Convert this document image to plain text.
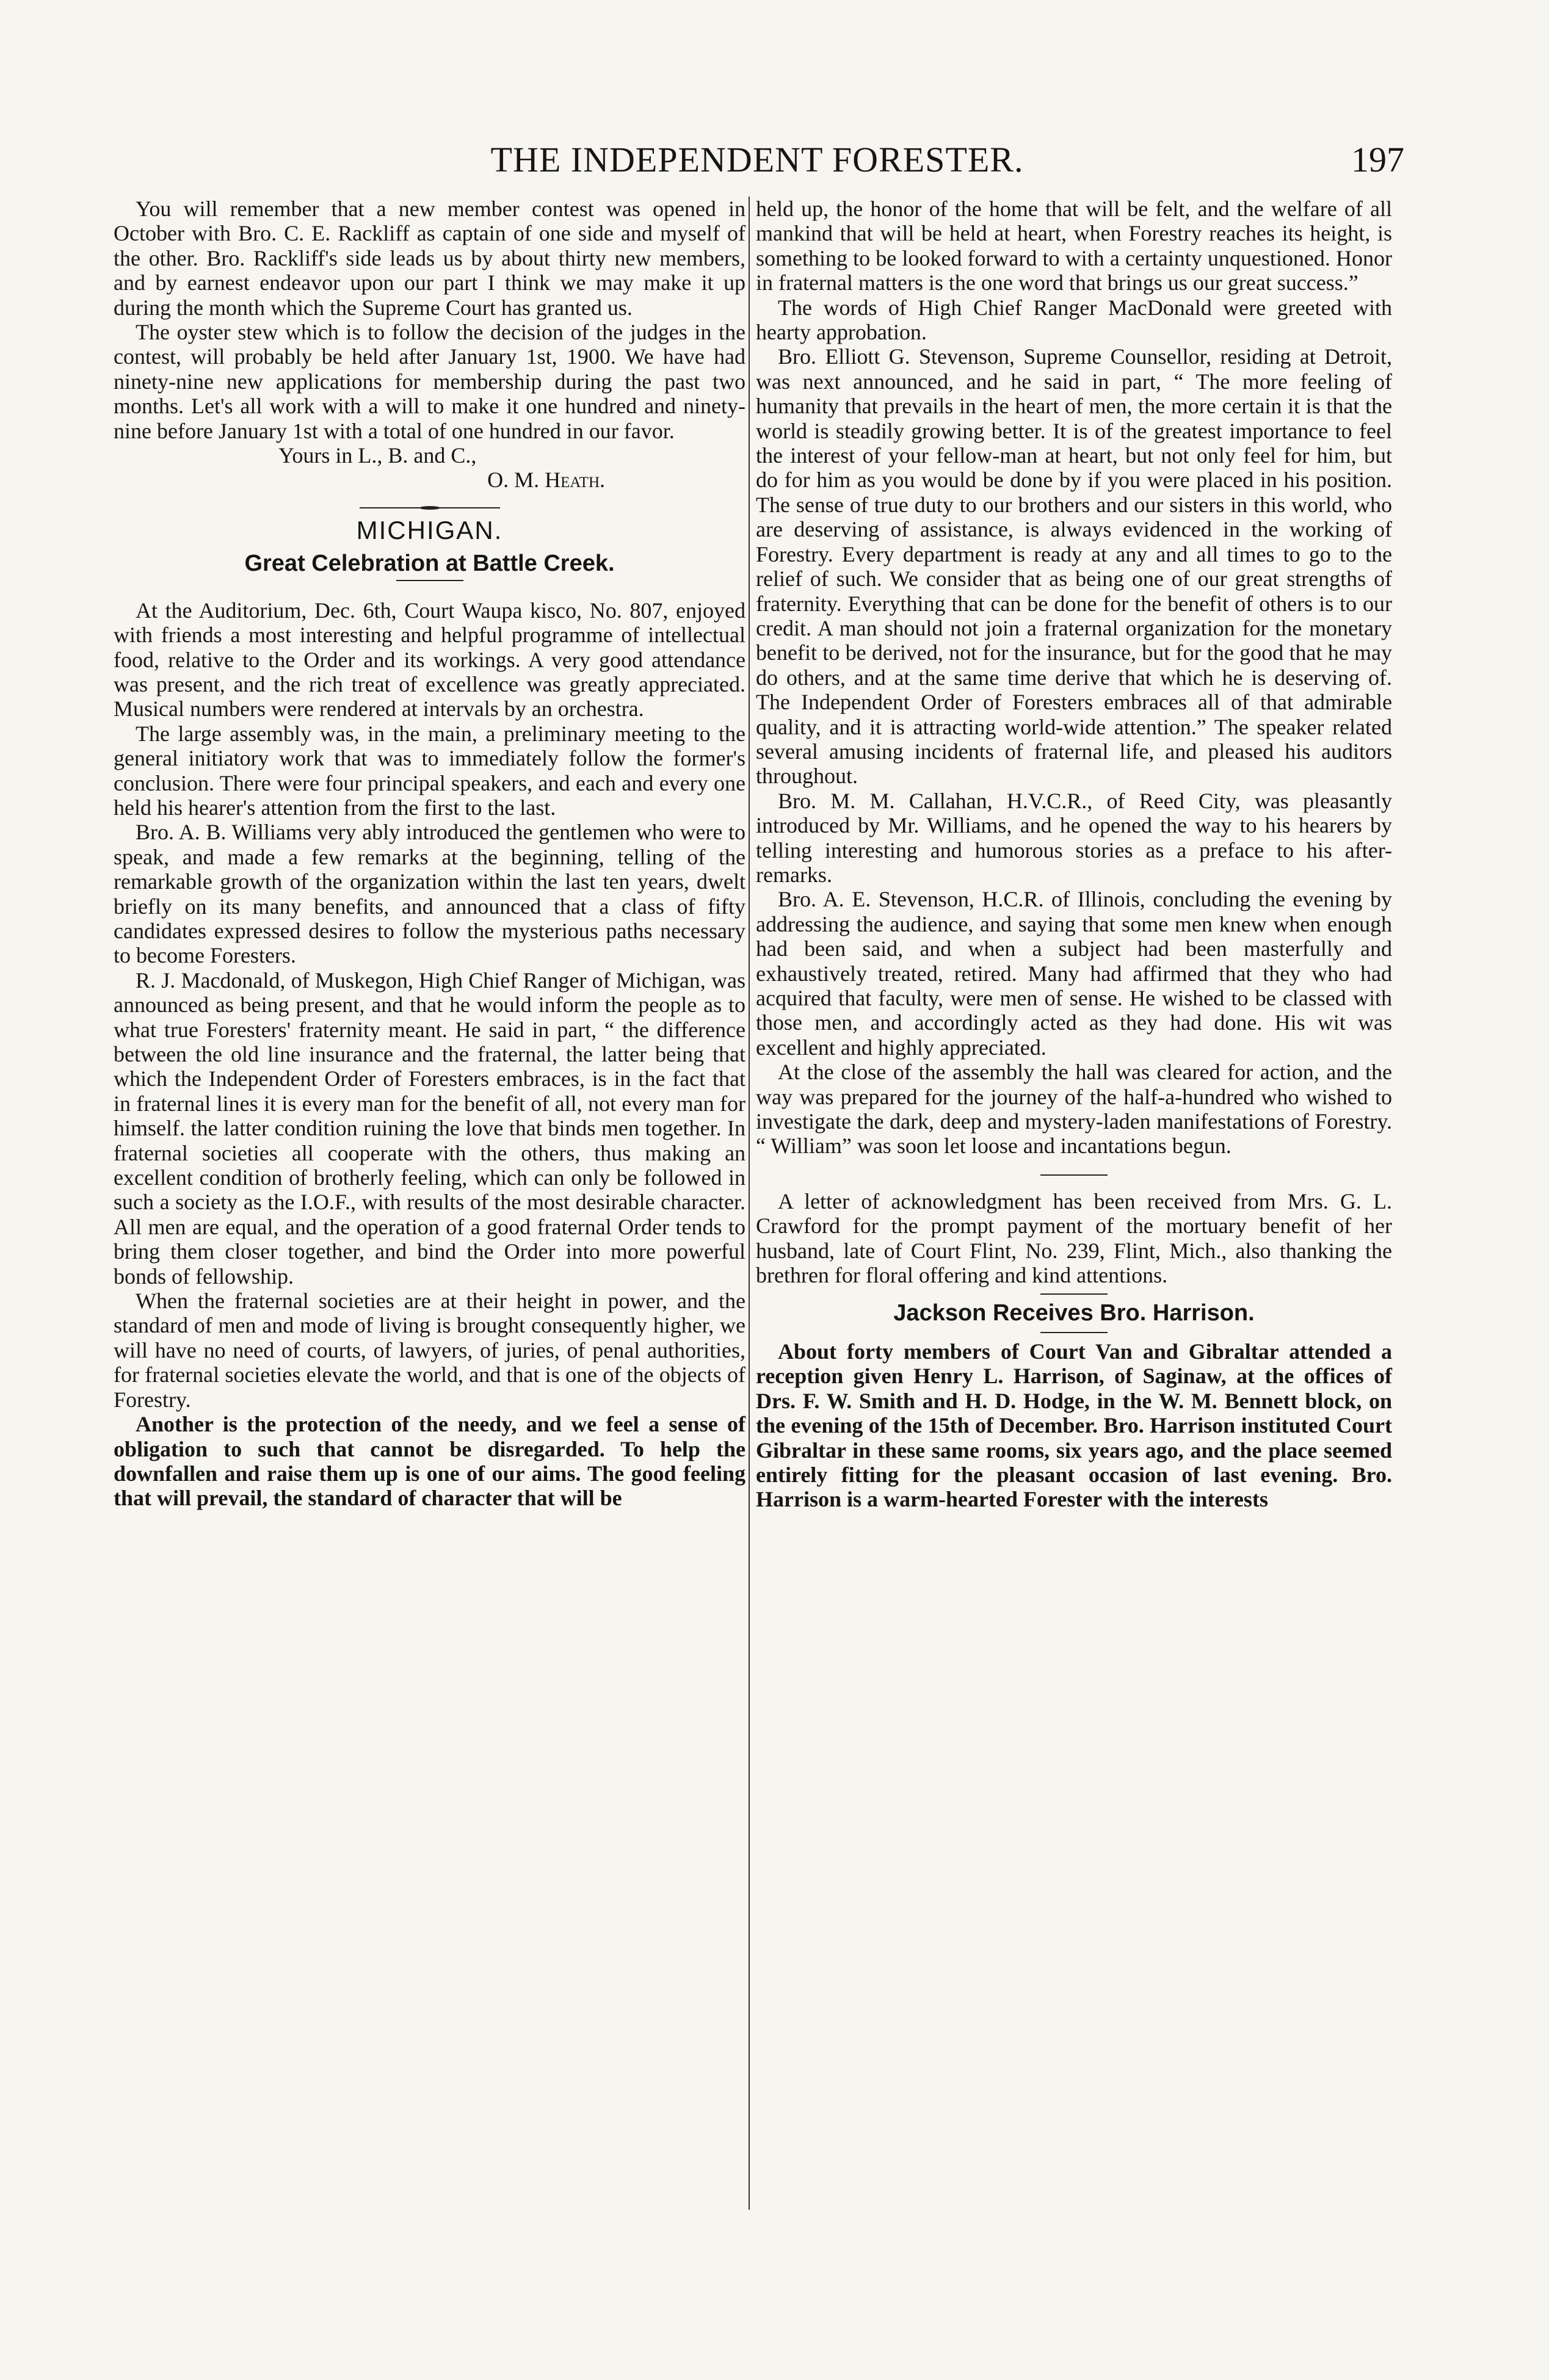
THE INDEPENDENT FORESTER.	197

You will remember that a new member contest was opened in October with Bro. C. E. Rackliff as captain of one side and myself of the other. Bro. Rackliff's side leads us by about thirty new members, and by earnest endeavor upon our part I think we may make it up during the month which the Supreme Court has granted us.

The oyster stew which is to follow the decision of the judges in the contest, will probably be held after January 1st, 1900. We have had ninety-nine new applications for membership during the past two months. Let's all work with a will to make it one hundred and ninety-nine before January 1st with a total of one hundred in our favor.

Yours in L., B. and C.,

O. M. Heath.

MICHIGAN.
Great Celebration at Battle Creek.

At the Auditorium, Dec. 6th, Court Waupa kisco, No. 807, enjoyed with friends a most interesting and helpful programme of intellectual food, relative to the Order and its workings. A very good attendance was present, and the rich treat of excellence was greatly appreciated. Musical numbers were rendered at intervals by an orchestra.

The large assembly was, in the main, a preliminary meeting to the general initiatory work that was to immediately follow the former's conclusion. There were four principal speakers, and each and every one held his hearer's attention from the first to the last.

Bro. A. B. Williams very ably introduced the gentlemen who were to speak, and made a few remarks at the beginning, telling of the remarkable growth of the organization within the last ten years, dwelt briefly on its many benefits, and announced that a class of fifty candidates expressed desires to follow the mysterious paths necessary to become Foresters.

R. J. Macdonald, of Muskegon, High Chief Ranger of Michigan, was announced as being present, and that he would inform the people as to what true Foresters' fraternity meant. He said in part, “ the difference between the old line insurance and the fraternal, the latter being that which the Independent Order of Foresters embraces, is in the fact that in fraternal lines it is every man for the benefit of all, not every man for himself. the latter condition ruining the love that binds men together. In fraternal societies all cooperate with the others, thus making an excellent condition of brotherly feeling, which can only be followed in such a society as the I.O.F., with results of the most desirable character. All men are equal, and the operation of a good fraternal Order tends to bring them closer together, and bind the Order into more powerful bonds of fellowship.

When the fraternal societies are at their height in power, and the standard of men and mode of living is brought consequently higher, we will have no need of courts, of lawyers, of juries, of penal authorities, for fraternal societies elevate the world, and that is one of the objects of Forestry.

Another is the protection of the needy, and we feel a sense of obligation to such that cannot be disregarded. To help the downfallen and raise them up is one of our aims. The good feeling that will prevail, the standard of character that will be

held up, the honor of the home that will be felt, and the welfare of all mankind that will be held at heart, when Forestry reaches its height, is something to be looked forward to with a certainty unquestioned. Honor in fraternal matters is the one word that brings us our great success.”

The words of High Chief Ranger MacDonald were greeted with hearty approbation.

Bro. Elliott G. Stevenson, Supreme Counsellor, residing at Detroit, was next announced, and he said in part, “ The more feeling of humanity that prevails in the heart of men, the more certain it is that the world is steadily growing better. It is of the greatest importance to feel the interest of your fellow-man at heart, but not only feel for him, but do for him as you would be done by if you were placed in his position. The sense of true duty to our brothers and our sisters in this world, who are deserving of assistance, is always evidenced in the working of Forestry. Every department is ready at any and all times to go to the relief of such. We consider that as being one of our great strengths of fraternity. Everything that can be done for the benefit of others is to our credit. A man should not join a fraternal organization for the monetary benefit to be derived, not for the insurance, but for the good that he may do others, and at the same time derive that which he is deserving of. The Independent Order of Foresters embraces all of that admirable quality, and it is attracting world-wide attention.” The speaker related several amusing incidents of fraternal life, and pleased his auditors throughout.

Bro. M. M. Callahan, H.V.C.R., of Reed City, was pleasantly introduced by Mr. Williams, and he opened the way to his hearers by telling interesting and humorous stories as a preface to his after-remarks.

Bro. A. E. Stevenson, H.C.R. of Illinois, concluding the evening by addressing the audience, and saying that some men knew when enough had been said, and when a subject had been masterfully and exhaustively treated, retired. Many had affirmed that they who had acquired that faculty, were men of sense. He wished to be classed with those men, and accordingly acted as they had done. His wit was excellent and highly appreciated.

At the close of the assembly the hall was cleared for action, and the way was prepared for the journey of the half-a-hundred who wished to investigate the dark, deep and mystery-laden manifestations of Forestry. “ William” was soon let loose and incantations begun.

A letter of acknowledgment has been received from Mrs. G. L. Crawford for the prompt payment of the mortuary benefit of her husband, late of Court Flint, No. 239, Flint, Mich., also thanking the brethren for floral offering and kind attentions.

Jackson Receives Bro. Harrison.

About forty members of Court Van and Gibraltar attended a reception given Henry L. Harrison, of Saginaw, at the offices of Drs. F. W. Smith and H. D. Hodge, in the W. M. Bennett block, on the evening of the 15th of December. Bro. Harrison instituted Court Gibraltar in these same rooms, six years ago, and the place seemed entirely fitting for the pleasant occasion of last evening. Bro. Harrison is a warm-hearted Forester with the interests
